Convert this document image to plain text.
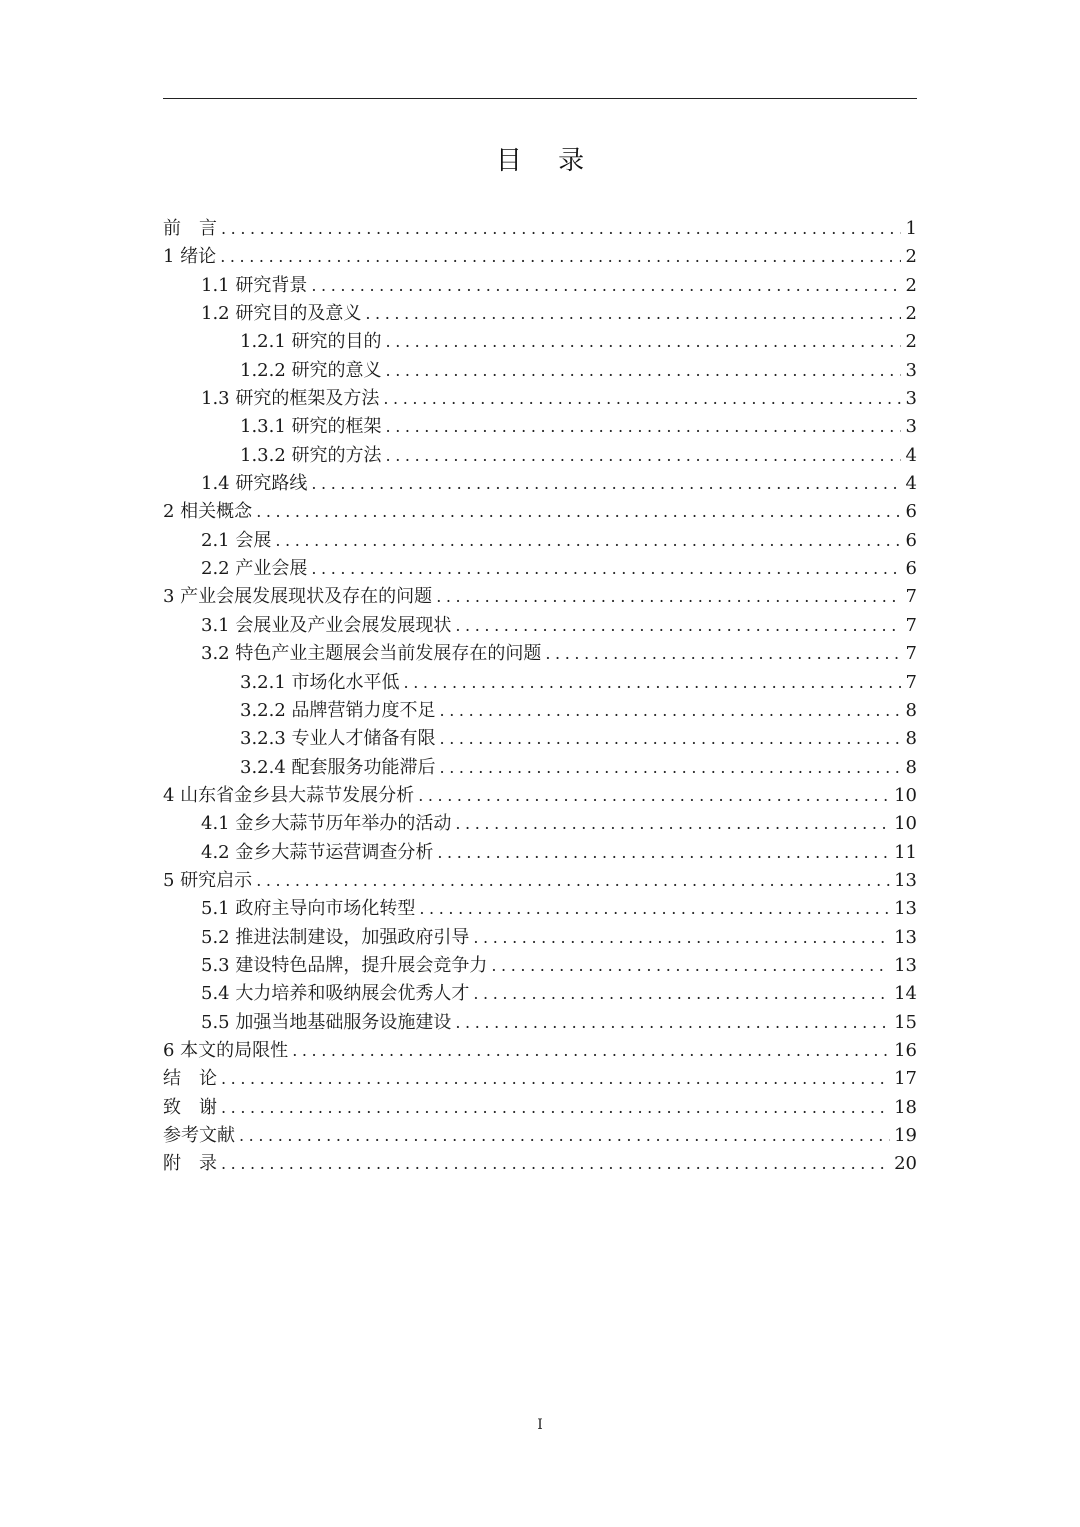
目 录
前　言 .....	1
1 绪论 .....	2
1.1 研究背景 .....	2
1.2 研究目的及意义 .....	2
1.2.1 研究的目的 .....	2
1.2.2 研究的意义 .....	3
1.3 研究的框架及方法 .....	3
1.3.1 研究的框架 .....	3
1.3.2 研究的方法 .....	4
1.4 研究路线 .....	4
2 相关概念 .....	6
2.1 会展 .....	6
2.2 产业会展 .....	6
3 产业会展发展现状及存在的问题 .....	7
3.1 会展业及产业会展发展现状 .....	7
3.2 特色产业主题展会当前发展存在的问题 .....	7
3.2.1 市场化水平低 .....	7
3.2.2 品牌营销力度不足 .....	8
3.2.3 专业人才储备有限 .....	8
3.2.4 配套服务功能滞后 .....	8
4 山东省金乡县大蒜节发展分析 .....	10
4.1 金乡大蒜节历年举办的活动 .....	10
4.2 金乡大蒜节运营调查分析 .....	11
5 研究启示 .....	13
5.1 政府主导向市场化转型 .....	13
5.2 推进法制建设，加强政府引导 .....	13
5.3 建设特色品牌，提升展会竞争力 .....	13
5.4 大力培养和吸纳展会优秀人才 .....	14
5.5 加强当地基础服务设施建设 .....	15
6 本文的局限性 .....	16
结　论 .....	17
致　谢 .....	18
参考文献 .....	19
附　录 .....	20
I
